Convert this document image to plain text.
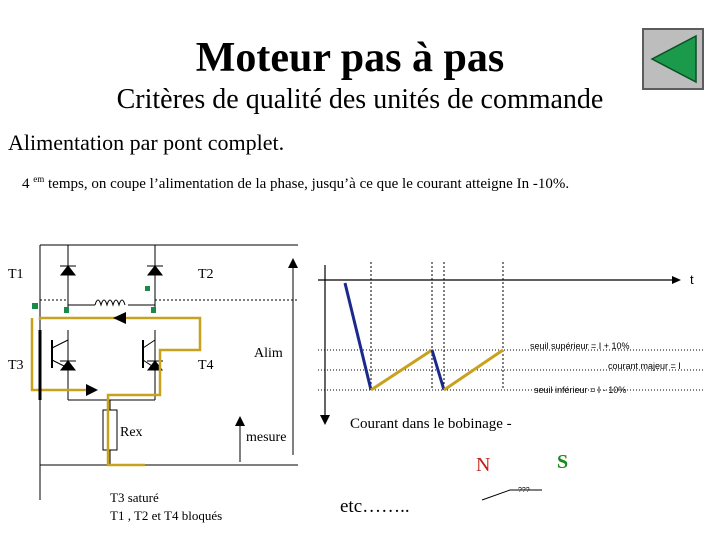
Moteur pas à pas
Critères de qualité des unités de commande
Alimentation par pont complet.
4 $^{em}$ temps, on coupe l’alimentation de la phase, jusqu’à ce que le courant atteigne In -10%.
T1	T2
T3	T4
Alim
Rex	mesure
T3 saturé
T1 , T2 et T4 bloqués
t
seuil supérieur = I + 10%
courant majeur = I
seuil inférieur = I - 10%
Courant dans le bobinage -
N	S
???
etc……..
